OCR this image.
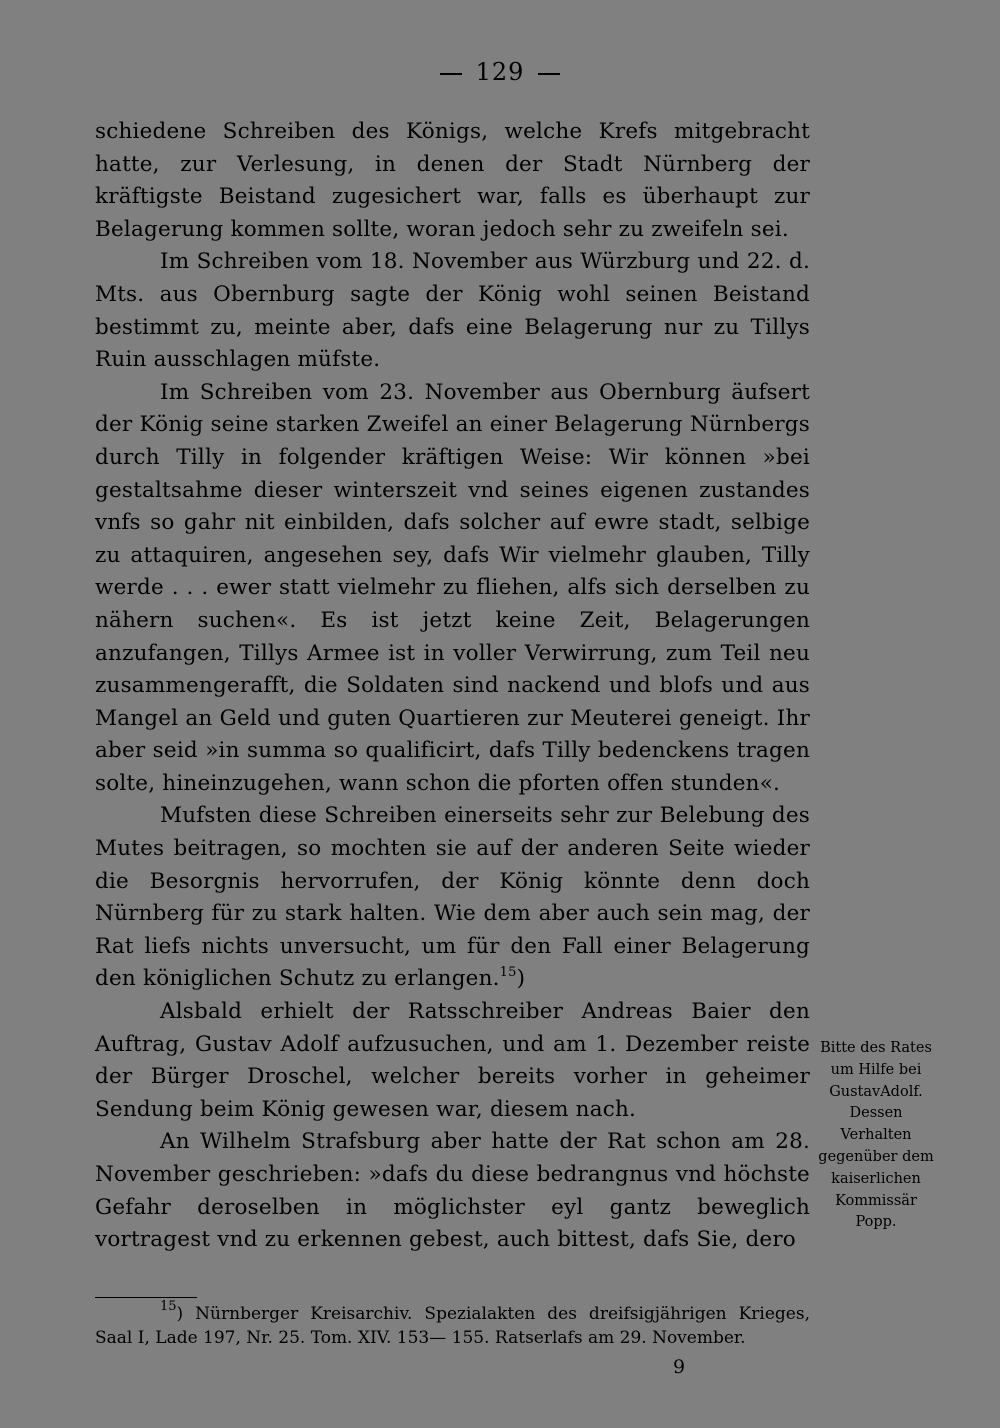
129

schiedene Schreiben des Königs, welche Krefs mitgebracht hatte, zur Verlesung, in denen der Stadt Nürnberg der kräftigste Beistand zugesichert war, falls es überhaupt zur Belagerung kommen sollte, woran jedoch sehr zu zweifeln sei.

Im Schreiben vom 18. November aus Würzburg und 22. d. Mts. aus Obernburg sagte der König wohl seinen Beistand bestimmt zu, meinte aber, dafs eine Belagerung nur zu Tillys Ruin ausschlagen müfste.

Im Schreiben vom 23. November aus Obernburg äufsert der König seine starken Zweifel an einer Belagerung Nürnbergs durch Tilly in folgender kräftigen Weise: Wir können »bei gestaltsahme dieser winterszeit vnd seines eigenen zustandes vnfs so gahr nit einbilden, dafs solcher auf ewre stadt, selbige zu attaquiren, angesehen sey, dafs Wir vielmehr glauben, Tilly werde . . . ewer statt vielmehr zu fliehen, alfs sich derselben zu nähern suchen«. Es ist jetzt keine Zeit, Belagerungen anzufangen, Tillys Armee ist in voller Verwirrung, zum Teil neu zusammengerafft, die Soldaten sind nackend und blofs und aus Mangel an Geld und guten Quartieren zur Meuterei geneigt. Ihr aber seid »in summa so qualificirt, dafs Tilly bedenckens tragen solte, hineinzugehen, wann schon die pforten offen stunden«.

Mufsten diese Schreiben einerseits sehr zur Belebung des Mutes beitragen, so mochten sie auf der anderen Seite wieder die Besorgnis hervorrufen, der König könnte denn doch Nürnberg für zu stark halten. Wie dem aber auch sein mag, der Rat liefs nichts unversucht, um für den Fall einer Belagerung den königlichen Schutz zu erlangen.$^{15}$)

Alsbald erhielt der Ratsschreiber Andreas Baier den Auftrag, Gustav Adolf aufzusuchen, und am 1. Dezember reiste der Bürger Droschel, welcher bereits vorher in geheimer Sendung beim König gewesen war, diesem nach.

An Wilhelm Strafsburg aber hatte der Rat schon am 28. November geschrieben: »dafs du diese bedrangnus vnd höchste Gefahr deroselben in möglichster eyl gantz beweglich vortragest vnd zu erkennen gebest, auch bittest, dafs Sie, dero

Bitte des Rates um Hilfe bei GustavAdolf. Dessen Verhalten gegenüber dem kaiserlichen Kommissär Popp.
$^{15}$) Nürnberger Kreisarchiv. Spezialakten des dreifsigjährigen Krieges, Saal I, Lade 197, Nr. 25. Tom. XIV. 153— 155. Ratserlafs am 29. November.
9
